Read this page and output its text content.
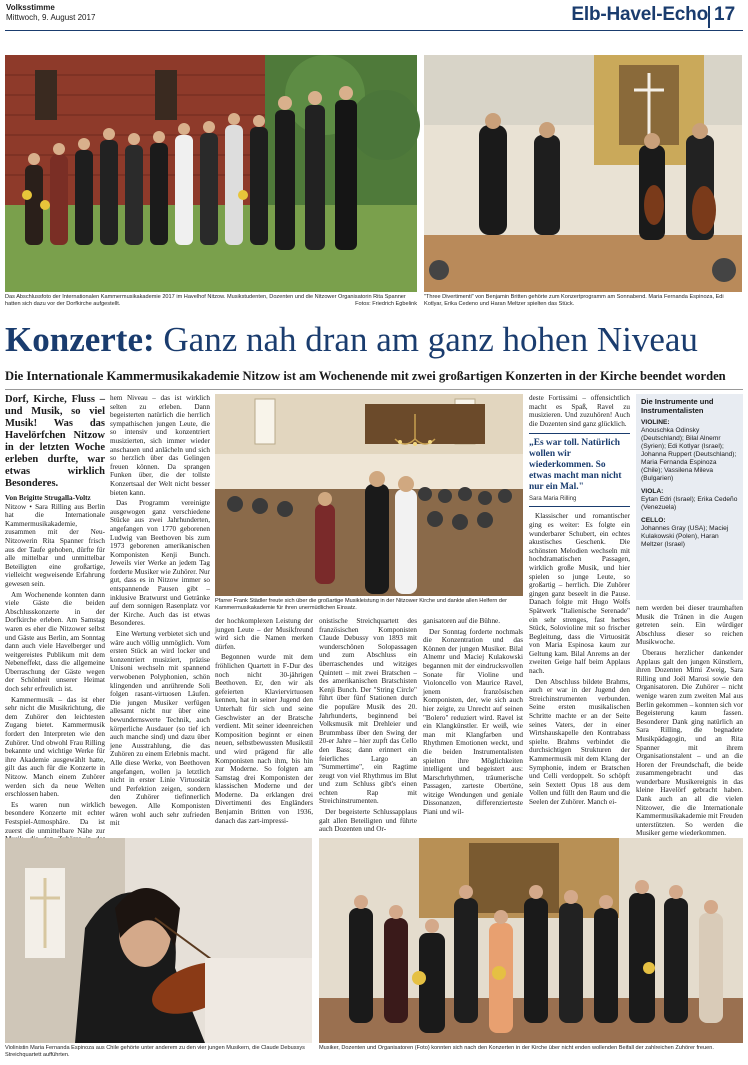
Volksstimme
Mittwoch, 9. August 2017	Elb-Havel-Echo 17
Das Abschlussfoto der Internationalen Kammermusikakademie 2017 im Havelhof Nitzow. Musikstudenten, Dozenten und die Nitzower Organisatorin Rita Spanner hatten sich dazu vor der Dorfkirche aufgestellt.	Fotos: Friedrich Egbelink
"Three Divertimenti" von Benjamin Britten gehörte zum Konzertprogramm am Sonnabend. Maria Fernanda Espinoza, Edi Kotlyar, Erika Cedeno und Haran Meltzer spielten das Stück.
Konzerte: Ganz nah dran am ganz hohen Niveau
Die Internationale Kammermusikakademie Nitzow ist am Wochenende mit zwei großartigen Konzerten in der Kirche beendet worden
Dorf, Kirche, Fluss – und Musik, so viel Musik! Was das Havelörfchen Nitzow in der letzten Woche erleben durfte, war etwas wirklich Besonderes.
Von Brigitte Strugalla-Voltz

Nitzow • Sara Rilling aus Berlin hat die Internationale Kammermusikakademie, zusammen mit der Neu-Nitzowerin Rita Spanner frisch aus der Taufe gehoben, dürfte für alle mittelbar und unmittelbar Beteiligten eine großartige, vielleicht wegweisende Erfahrung gewesen sein.

Am Wochenende konnten dann viele Gäste die beiden Abschlusskonzerte in der Dorfkirche erleben. Am Samstag waren es eher die Nitzower selbst und Gäste aus Berlin, am Sonntag dann auch viele Havelberger und weitgereistes Publikum mit dem Nebeneffekt, dass die allgemeine Überraschung der Gäste wegen der Schönheit unserer Heimat doch sehr erfreulich ist.

Kammermusik – das ist eher sehr nicht die Musikrichtung, die dem Zuhörer den leichtesten Zugang bietet. Kammermusik fordert den Interpreten wie den Zuhörer. Und obwohl Frau Rilling bekannte und wichtige Werke für ihre Akademie ausgewählt hatte, gilt das auch für die Konzerte in Nitzow. Manch einem Zuhörer werden sich da neue Welten erschlossen haben.

Es waren nun wirklich besondere Konzerte mit echter Festspiel-Atmosphäre. Da ist zuerst die unmittelbare Nähe zur

hem Niveau – das ist wirklich selten zu erleben. Dann begeisterten natürlich die herrlich sympathischen jungen Leute, die so intensiv und konzentriert musizierten, sich immer wieder anschauen und anlächeln und sich so herzlich über das Gelingen freuen können. Da sprangen Funken über, die der tollste Konzertsaal der Welt nicht besser bieten kann.

Das Programm vereinigte ausgewogen ganz verschiedene Stücke aus zwei Jahrhunderten, angefangen von 1770 geborenen Ludwig van Beethoven bis zum 1973 geborenen amerikanischen Komponisten Kenji Bunch. Jeweils vier Werke an jedem Tag forderte Musiker wie Zuhörer. Nur gut, dass es in Nitzow immer so entspannende Pausen gibt – inklusive Bratwurst und Getränke auf dem sonnigen Rasenplatz vor der Kirche. Auch das ist etwas Besonderes.

Eine Wertung verbietet sich und wäre auch völlig unmöglich. Vom ersten Stück an wird locker und konzentriert musiziert, präzise Unisoni wechseln mit spannend verwobenen Polyphonien, schön klingenden und anrührende Soli folgen rasant-virtuosen Läufen. Die jungen Musiker verfügen allesamt nicht nur über eine bewundernswerte Technik, auch körperliche Ausdauer (so tief ich auch manche sind) und dazu über jene Ausstrahlung, die das Zuhören zu einem Erlebnis macht. Alle diese Werke, von Beethoven angefangen, wollen ja letztlich nicht in erster Linie Virtuosität und Perfektion zeigen, sondern den Zuhörer tiefinnerlich bewegen. Alle Komponisten wären wohl auch sehr zufrieden mit

Pfarrer Frank Städler freute sich über die großartige Musikleistung in der Nitzower Kirche und dankte allen Helfern der Kammermusikakademie für ihren unermüdlichen Einsatz.

der hochkomplexen Leistung der jungen Leute – der Musikfreund wird sich die Namen merken dürfen.

Begonnen wurde mit dem fröhlichen Quartett in F-Dur des noch nicht 30-jährigen Beethoven. Er, den wir als gefeierten Klaviervirtuosen kennen, hat in seiner Jugend den Unterhalt für sich und seine Geschwister an der Bratsche verdient. Mit seiner ideenreichen Komposition beginnt er einen neuen, selbstbewussten Musikstil und wird prägend für alle Komponisten nach ihm, bis hin zur Moderne. So folgten am Samstag drei Komponisten der klassischen Moderne und der Moderne. Da erklangen drei Divertimenti des Engländers Benjamin Britten von 1936, danach das zart-impressi-

onistische Streichquartett des französischen Komponisten Claude Debussy von 1893 mit wunderschönen Solopassagen und zum Abschluss ein überraschendes und witziges Quintett – mit zwei Bratschen – des amerikanischen Bratschisten Kenji Bunch. Der "String Circle" führt über fünf Stationen durch die populäre Musik des 20. Jahrhunderts, beginnend bei Volksmusik mit Drehleier und Brummbass über den Swing der 20-er Jahre – hier zupft das Cello den Bass; dann erinnert ein feierliches Largo an "Summertime", ein Ragtime zeugt von viel Rhythmus im Blut und zum Schluss gibt's einen echten Rap mit Streichinstrumenten.

Der begeisterte Schlussapplaus galt allen Beteiligten und führte auch Dozenten und Or-

ganisatoren auf die Bühne.

Der Sonntag forderte nochmals die Konzentration und das Können der jungen Musiker. Bilal Alnemr und Maciej Kulakowski begannen mit der eindrucksvollen Sonate für Violine und Violoncello von Maurice Ravel, jenem französischen Komponisten, der, wie sich auch hier zeigte, zu Unrecht auf seinen "Bolero" reduziert wird. Ravel ist ein Klangkünstler. Er weiß, wie man mit Klangfarben und Rhythmen Emotionen weckt, und die beiden Instrumentalisten spielten ihre Möglichkeiten intelligent und begeistert aus: Marschrhythmen, träumerische Passagen, zarteste Obertöne, witzige Wendungen und geniale Dissonanzen, differenzierteste Piani und wil-

deste Fortissimi – offensichtlich macht es Spaß, Ravel zu musizieren. Und zuzuhören! Auch die Dozenten sind ganz glücklich.

„Es war toll. Natürlich wollen wir wiederkommen. So etwas macht man nicht nur ein Mal."
Sara Maria Rilling

Klassischer und romantischer ging es weiter: Es folgte ein wunderbarer Schubert, ein echtes akustisches Geschenk. Die schönsten Melodien wechseln mit hochdramatischen Passagen, wirklich große Musik, und hier spielen so junge Leute, so großartig – herrlich. Die Zuhörer gingen ganz beseelt in die Pause. Danach folgte mit Hugo Wolfs Spätwerk "Italienische Serenade" ein sehr strenges, fast herbes Stück, Solovioline mit so frischer Begleitung, dass die Virtuosität von Maria Espinosa kaum zur Geltung kam. Bilal Anrems an der zweiten Geige half beim Applaus nach.

Den Abschluss bildete Brahms, auch er war in der Jugend den Streichinstrumenten verbunden. Seine ersten musikalischen Schritte machte er an der Seite seines Vaters, der in einer Wirtshauskapelle den Kontrabass spielte. Brahms verbindet die durchsichtigen Strukturen der Kammermusik mit dem Klang der Symphonie, indem er Bratschen und Celli verdoppelt. So schöpft sein Sextett Opus 18 aus dem Vollen und füllt den Raum und die Seelen der Zuhörer. Manch ei-

Die Instrumente und Instrumentalisten
VIOLINE:
Anouschka Odinsky (Deutschland); Bilal Alnemr (Syrien); Edi Kotlyar (Israel); Johanna Ruppert (Deutschland); Maria Fernanda Espinoza (Chile); Vassilena Mileva (Bulgarien)
VIOLA:
Eytan Edri (Israel); Erika Cedeño (Venezuela)
CELLO:
Johannes Gray (USA); Maciej Kulakowski (Polen), Haran Meltzer (Israel)

nem werden bei dieser traumhaften Musik die Tränen in die Augen getreten sein. Ein würdiger Abschluss dieser so reichen Musikwoche.

Überaus herzlicher dankender Applaus galt den jungen Künstlern, ihren Dozenten Mimi Zweig, Sara Rilling und Joël Marosi sowie den Organisatoren. Die Zuhörer – nicht wenige waren zum zweiten Mal aus Berlin gekommen – konnten sich vor Begeisterung kaum fassen. Besonderer Dank ging natürlich an Sara Rilling, die begnadete Musikpädagogin, und an Rita Spanner mit ihrem Organisationstalent – und an die Horen der Freundschaft, die beide zusammengebracht und das wunderbare Musikereignis in das kleine Havelörf gebracht haben. Dank auch an all die vielen Nitzower, die die Internationale Kammermusikakademie mit Freuden unterstützten. So werden die Musiker gerne wiederkommen.

Violinistin Maria Fernanda Espinoza aus Chile gehörte unter anderem zu den vier jungen Musikern, die Claude Debussys Streichquartett aufführten.
Musiker, Dozenten und Organisatoren (Foto) konnten sich nach den Konzerten in der Kirche über nicht enden wollenden Beifall der zahlreichen Zuhörer freuen.
